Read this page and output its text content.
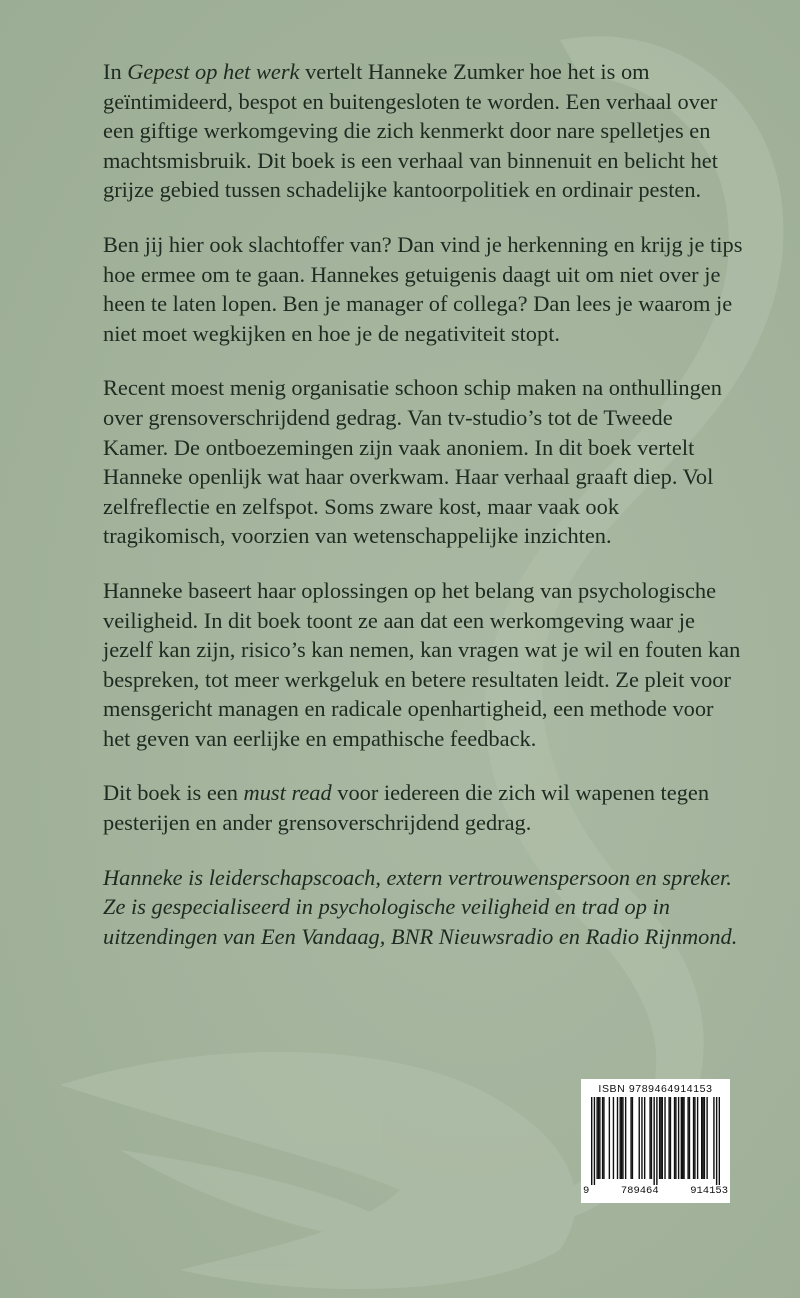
In Gepest op het werk vertelt Hanneke Zumker hoe het is om geïntimideerd, bespot en buitengesloten te worden. Een verhaal over een giftige werkomgeving die zich kenmerkt door nare spelletjes en machtsmisbruik. Dit boek is een verhaal van binnenuit en belicht het grijze gebied tussen schadelijke kantoorpolitiek en ordinair pesten.

Ben jij hier ook slachtoffer van? Dan vind je herkenning en krijg je tips hoe ermee om te gaan. Hannekes getuigenis daagt uit om niet over je heen te laten lopen. Ben je manager of collega? Dan lees je waarom je niet moet wegkijken en hoe je de negativiteit stopt.

Recent moest menig organisatie schoon schip maken na onthullingen over grensoverschrijdend gedrag. Van tv-studio’s tot de Tweede Kamer. De ontboezemingen zijn vaak anoniem. In dit boek vertelt Hanneke openlijk wat haar overkwam. Haar verhaal graaft diep. Vol zelfreflectie en zelfspot. Soms zware kost, maar vaak ook tragikomisch, voorzien van wetenschappelijke inzichten.

Hanneke baseert haar oplossingen op het belang van psychologische veiligheid. In dit boek toont ze aan dat een werkomgeving waar je jezelf kan zijn, risico’s kan nemen, kan vragen wat je wil en fouten kan bespreken, tot meer werkgeluk en betere resultaten leidt. Ze pleit voor mensgericht managen en radicale openhartigheid, een methode voor het geven van eerlijke en empathische feedback.

Dit boek is een must read voor iedereen die zich wil wapenen tegen pesterijen en ander grensoverschrijdend gedrag.

Hanneke is leiderschapscoach, extern vertrouwenspersoon en spreker. Ze is gespecialiseerd in psychologische veiligheid en trad op in uitzendingen van Een Vandaag, BNR Nieuwsradio en Radio Rijnmond.

ISBN 9789464914153
9	789464	914153
